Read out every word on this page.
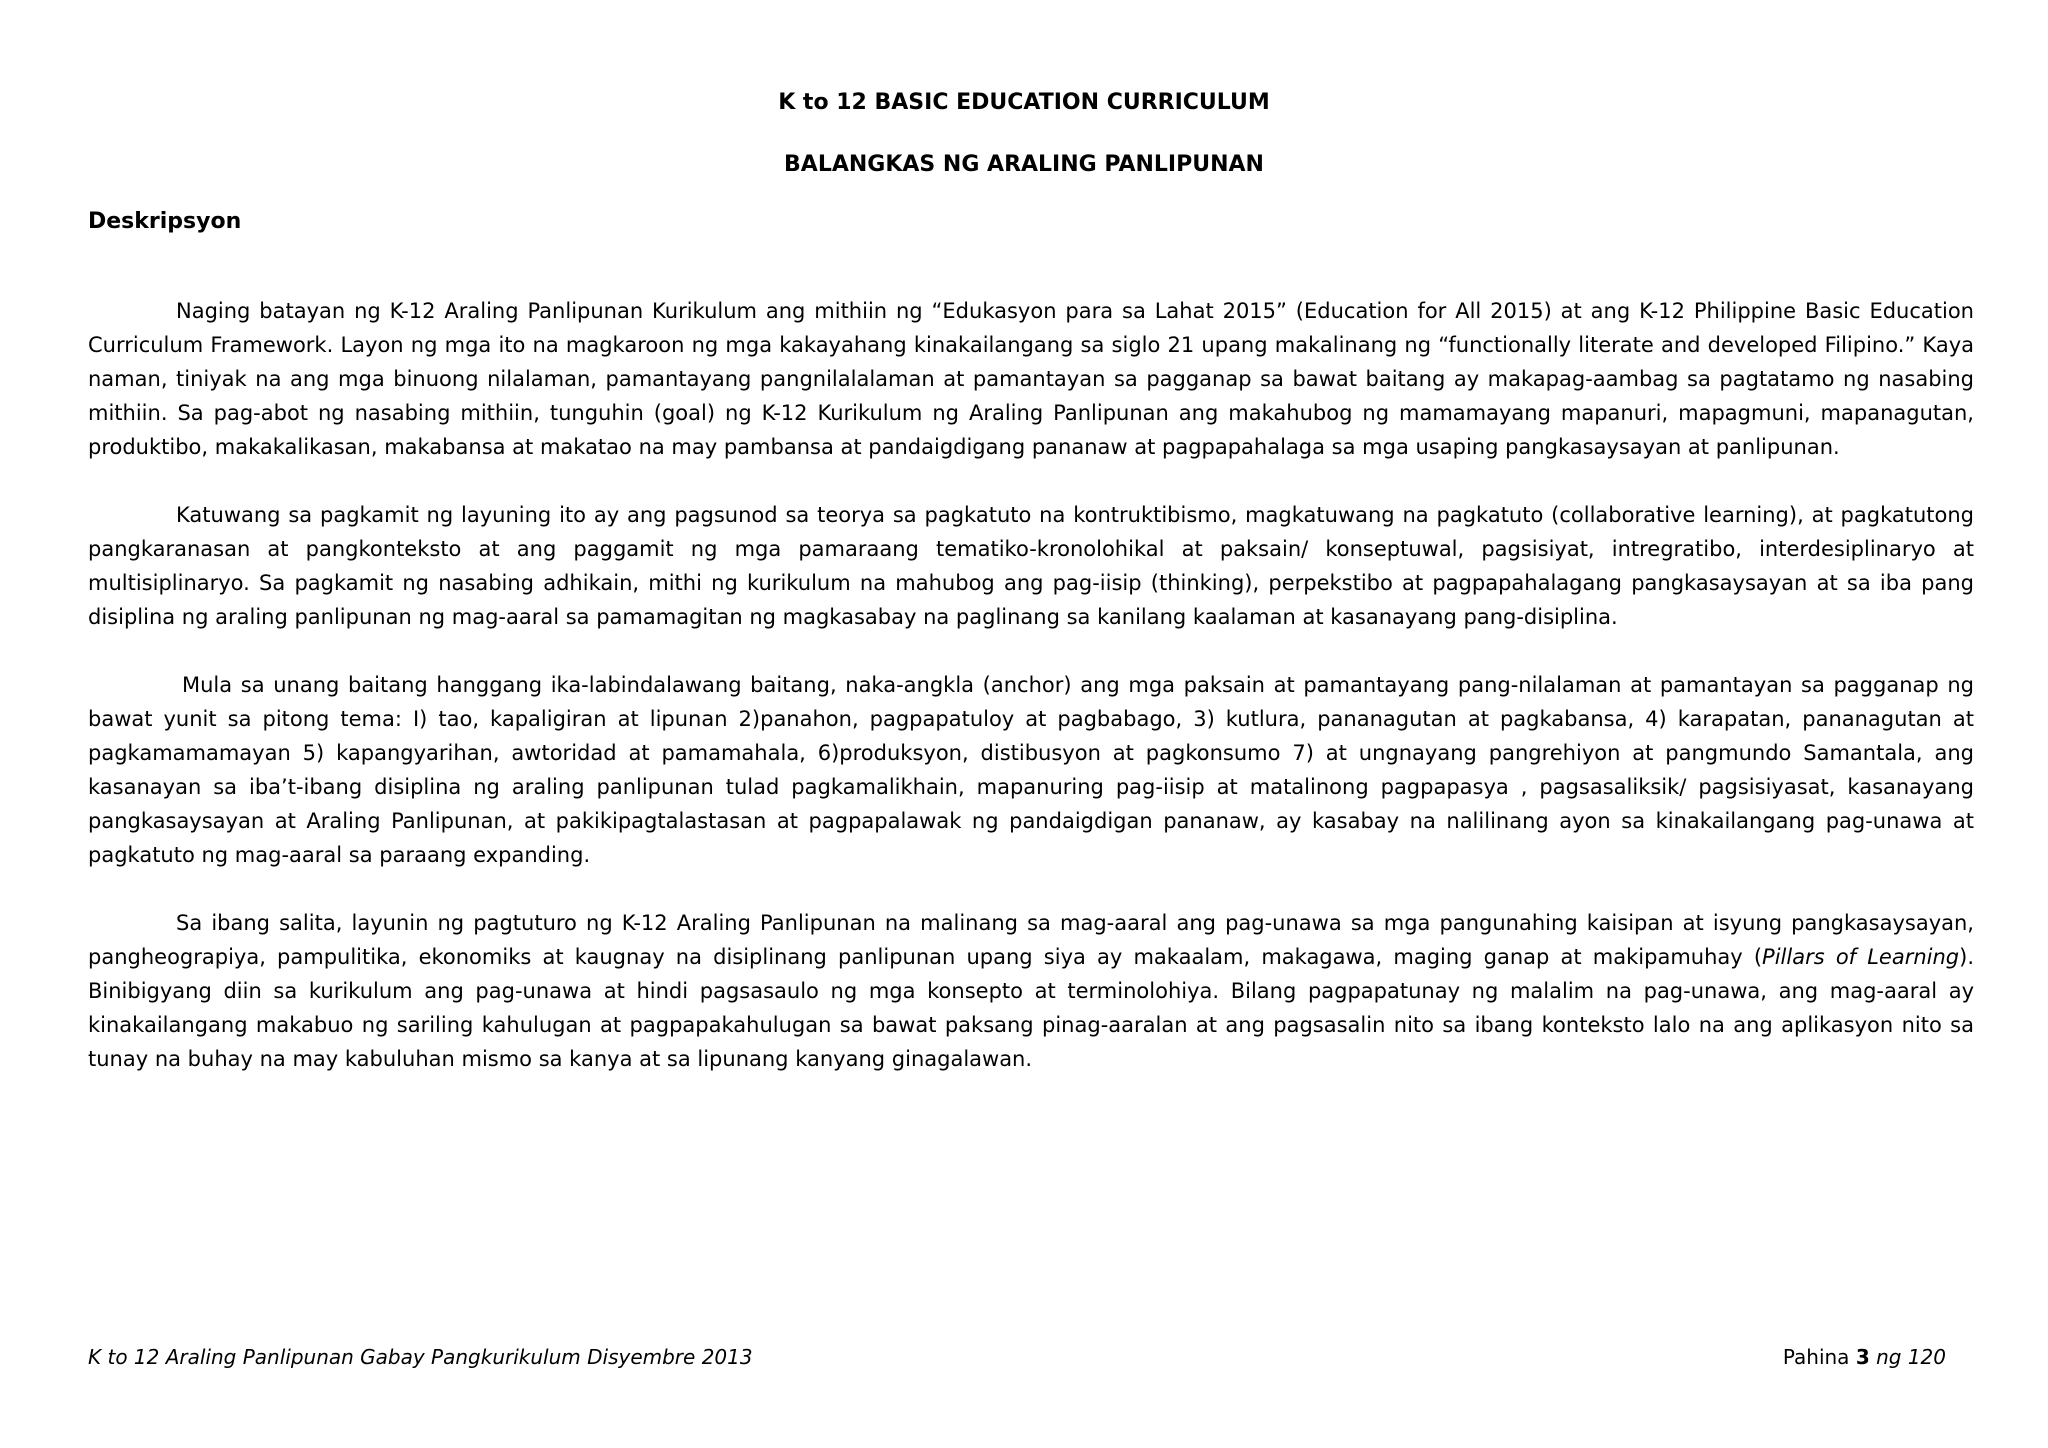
K to 12 BASIC EDUCATION CURRICULUM
BALANGKAS NG ARALING PANLIPUNAN
Deskripsyon

Naging batayan ng K-12 Araling Panlipunan Kurikulum ang mithiin ng “Edukasyon para sa Lahat 2015” (Education for All 2015) at ang K-12 Philippine Basic Education Curriculum Framework. Layon ng mga ito na magkaroon ng mga kakayahang kinakailangang sa siglo 21 upang makalinang ng “functionally literate and developed Filipino.” Kaya naman, tiniyak na ang mga binuong nilalaman, pamantayang pangnilalalaman at pamantayan sa pagganap sa bawat baitang ay makapag-aambag sa pagtatamo ng nasabing mithiin. Sa pag-abot ng nasabing mithiin, tunguhin (goal) ng K-12 Kurikulum ng Araling Panlipunan ang makahubog ng mamamayang mapanuri, mapagmuni, mapanagutan, produktibo, makakalikasan, makabansa at makatao na may pambansa at pandaigdigang pananaw at pagpapahalaga sa mga usaping pangkasaysayan at panlipunan.

Katuwang sa pagkamit ng layuning ito ay ang pagsunod sa teorya sa pagkatuto na kontruktibismo, magkatuwang na pagkatuto (collaborative learning), at pagkatutong pangkaranasan at pangkonteksto at ang paggamit ng mga pamaraang tematiko-kronolohikal at paksain/ konseptuwal, pagsisiyat, intregratibo, interdesiplinaryo at multisiplinaryo. Sa pagkamit ng nasabing adhikain, mithi ng kurikulum na mahubog ang pag-iisip (thinking), perpekstibo at pagpapahalagang pangkasaysayan at sa iba pang disiplina ng araling panlipunan ng mag-aaral sa pamamagitan ng magkasabay na paglinang sa kanilang kaalaman at kasanayang pang-disiplina.

Mula sa unang baitang hanggang ika-labindalawang baitang, naka-angkla (anchor) ang mga paksain at pamantayang pang-nilalaman at pamantayan sa pagganap ng bawat yunit sa pitong tema: I) tao, kapaligiran at lipunan 2)panahon, pagpapatuloy at pagbabago, 3) kutlura, pananagutan at pagkabansa, 4) karapatan, pananagutan at pagkamamamayan 5) kapangyarihan, awtoridad at pamamahala, 6)produksyon, distibusyon at pagkonsumo 7) at ungnayang pangrehiyon at pangmundo Samantala, ang kasanayan sa iba’t-ibang disiplina ng araling panlipunan tulad pagkamalikhain, mapanuring pag-iisip at matalinong pagpapasya , pagsasaliksik/ pagsisiyasat, kasanayang pangkasaysayan at Araling Panlipunan, at pakikipagtalastasan at pagpapalawak ng pandaigdigan pananaw, ay kasabay na nalilinang ayon sa kinakailangang pag-unawa at pagkatuto ng mag-aaral sa paraang expanding.

Sa ibang salita, layunin ng pagtuturo ng K-12 Araling Panlipunan na malinang sa mag-aaral ang pag-unawa sa mga pangunahing kaisipan at isyung pangkasaysayan, pangheograpiya, pampulitika, ekonomiks at kaugnay na disiplinang panlipunan upang siya ay makaalam, makagawa, maging ganap at makipamuhay (Pillars of Learning). Binibigyang diin sa kurikulum ang pag-unawa at hindi pagsasaulo ng mga konsepto at terminolohiya. Bilang pagpapatunay ng malalim na pag-unawa, ang mag-aaral ay kinakailangang makabuo ng sariling kahulugan at pagpapakahulugan sa bawat paksang pinag-aaralan at ang pagsasalin nito sa ibang konteksto lalo na ang aplikasyon nito sa tunay na buhay na may kabuluhan mismo sa kanya at sa lipunang kanyang ginagalawan.

K to 12 Araling Panlipunan Gabay Pangkurikulum Disyembre 2013	Pahina 3 ng 120
